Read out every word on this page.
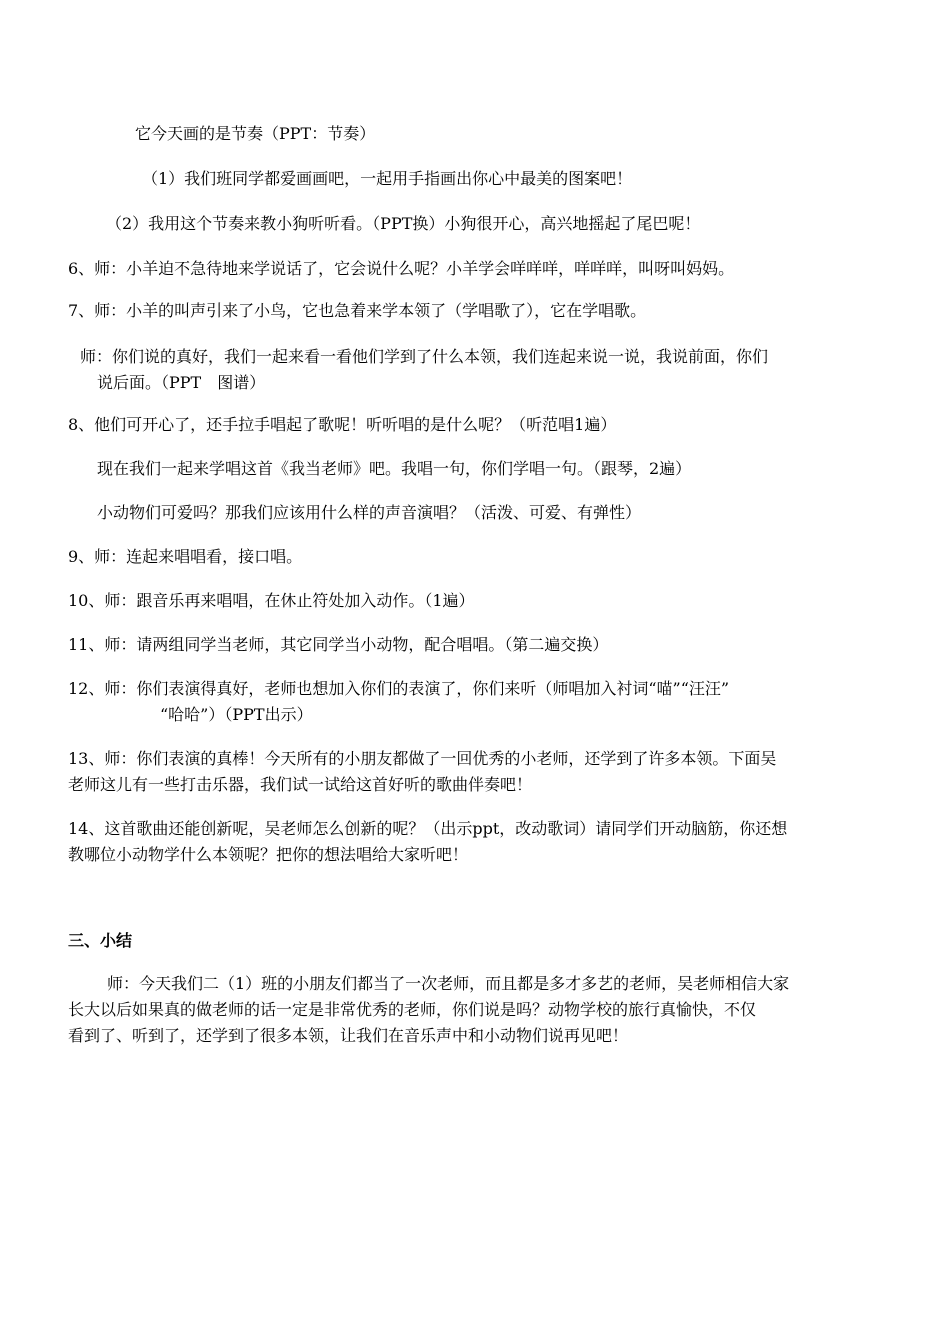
它今天画的是节奏（PPT：节奏）
（1）我们班同学都爱画画吧，一起用手指画出你心中最美的图案吧！
（2）我用这个节奏来教小狗听听看。（PPT换）小狗很开心，高兴地摇起了尾巴呢！
6、师：小羊迫不急待地来学说话了，它会说什么呢？小羊学会咩咩咩，咩咩咩，叫呀叫妈妈。
7、师：小羊的叫声引来了小鸟，它也急着来学本领了（学唱歌了），它在学唱歌。
师：你们说的真好，我们一起来看一看他们学到了什么本领，我们连起来说一说，我说前面，你们
说后面。（PPT　图谱）
8、他们可开心了，还手拉手唱起了歌呢！听听唱的是什么呢？（听范唱1遍）
现在我们一起来学唱这首《我当老师》吧。我唱一句，你们学唱一句。（跟琴，2遍）
小动物们可爱吗？那我们应该用什么样的声音演唱？（活泼、可爱、有弹性）
9、师：连起来唱唱看，接口唱。
10、师：跟音乐再来唱唱，在休止符处加入动作。（1遍）
11、师：请两组同学当老师，其它同学当小动物，配合唱唱。（第二遍交换）
12、师：你们表演得真好，老师也想加入你们的表演了，你们来听（师唱加入衬词“喵”“汪汪”
“哈哈”）（PPT出示）
13、师：你们表演的真棒！今天所有的小朋友都做了一回优秀的小老师，还学到了许多本领。下面吴
老师这儿有一些打击乐器，我们试一试给这首好听的歌曲伴奏吧！
14、这首歌曲还能创新呢，吴老师怎么创新的呢？（出示ppt，改动歌词）请同学们开动脑筋，你还想
教哪位小动物学什么本领呢？把你的想法唱给大家听吧！
三、小结
师：今天我们二（1）班的小朋友们都当了一次老师，而且都是多才多艺的老师，吴老师相信大家
长大以后如果真的做老师的话一定是非常优秀的老师，你们说是吗？动物学校的旅行真愉快，不仅
看到了、听到了，还学到了很多本领，让我们在音乐声中和小动物们说再见吧！
